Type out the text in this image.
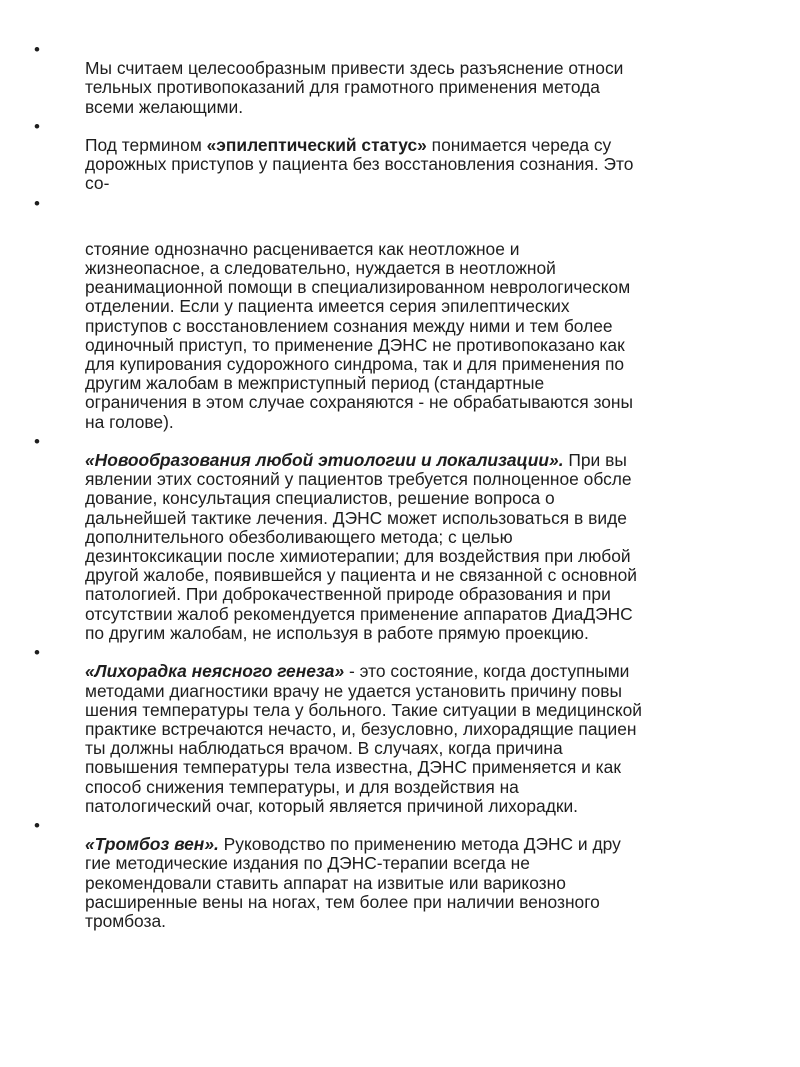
•
Мы считаем целесообразным привести здесь разъяснение относи
тельных противопоказаний для грамотного применения метода
всеми желающими.

•
Под термином «эпилептический статус» понимается череда су
дорожных приступов у пациента без восстановления сознания. Это
со-

•

стояние однозначно расценивается как неотложное и
жизнеопасное, а следовательно, нуждается в неотложной
реанимационной помощи в специализированном неврологическом
отделении. Если у пациента имеется серия эпилептических
приступов с восстановлением сознания между ними и тем более
одиночный приступ, то применение ДЭНС не противопоказано как
для купирования судорожного синдрома, так и для применения по
другим жалобам в межприступный период (стандартные
ограничения в этом случае сохраняются - не обрабатываются зоны
на голове).

•
«Новообразования любой этиологии и локализации». При вы
явлении этих состояний у пациентов требуется полноценное обсле
дование, консультация специалистов, решение вопроса о
дальнейшей тактике лечения. ДЭНС может использоваться в виде
дополнительного обезболивающего метода; с целью
дезинтоксикации после химиотерапии; для воздействия при любой
другой жалобе, появившейся у пациента и не связанной с основной
патологией. При доброкачественной природе образования и при
отсутствии жалоб рекомендуется применение аппаратов ДиаДЭНС
по другим жалобам, не используя в работе прямую проекцию.

•
«Лихорадка неясного генеза» - это состояние, когда доступными
методами диагностики врачу не удается установить причину повы
шения температуры тела у больного. Такие ситуации в медицинской
практике встречаются нечасто, и, безусловно, лихорадящие пациен
ты должны наблюдаться врачом. В случаях, когда причина
повышения температуры тела известна, ДЭНС применяется и как
способ снижения температуры, и для воздействия на
патологический очаг, который является причиной лихорадки.

•
«Тромбоз вен». Руководство по применению метода ДЭНС и дру
гие методические издания по ДЭНС-терапии всегда не
рекомендовали ставить аппарат на извитые или варикозно
расширенные вены на ногах, тем более при наличии венозного
тромбоза.
